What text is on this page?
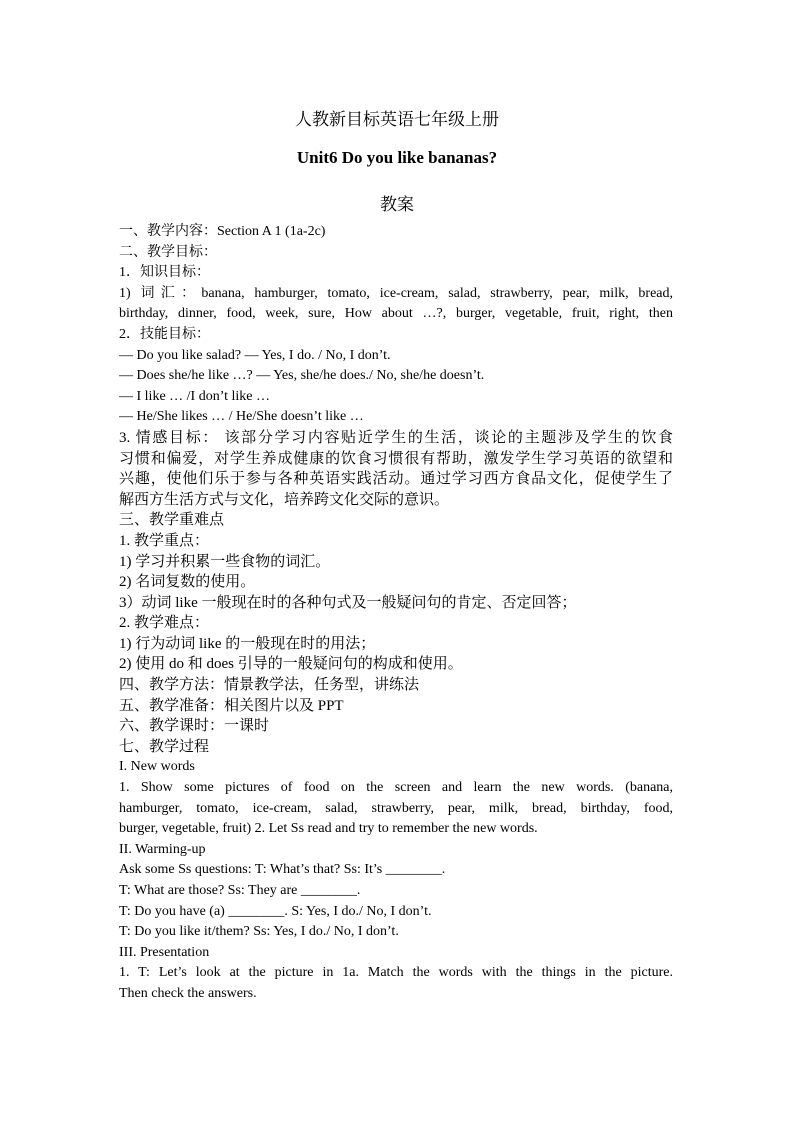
人教新目标英语七年级上册
Unit6 Do you like bananas?
教案
一、教学内容：Section A 1 (1a-2c)
二、教学目标：
1．知识目标：
1) 词汇：banana, hamburger, tomato, ice-cream, salad, strawberry, pear, milk, bread,
birthday, dinner, food, week, sure, How about …?, burger, vegetable, fruit, right, then
2．技能目标：
— Do you like salad? — Yes, I do. / No, I don’t.
— Does she/he like …? — Yes, she/he does./ No, she/he doesn’t.
— I like … /I don’t like …
— He/She likes … / He/She doesn’t like …
3. 情感目标： 该部分学习内容贴近学生的生活，谈论的主题涉及学生的饮食
习惯和偏爱，对学生养成健康的饮食习惯很有帮助，激发学生学习英语的欲望和
兴趣，使他们乐于参与各种英语实践活动。通过学习西方食品文化，促使学生了
解西方生活方式与文化，培养跨文化交际的意识。
三、教学重难点
1. 教学重点：
1) 学习并积累一些食物的词汇。
2) 名词复数的使用。
3）动词 like 一般现在时的各种句式及一般疑问句的肯定、否定回答；
2. 教学难点：
1) 行为动词 like 的一般现在时的用法；
2) 使用 do 和 does 引导的一般疑问句的构成和使用。
四、教学方法：情景教学法，任务型，讲练法
五、教学准备：相关图片以及 PPT
六、教学课时：一课时
七、教学过程
I. New words
1. Show some pictures of food on the screen and learn the new words. (banana,
hamburger, tomato, ice-cream, salad, strawberry, pear, milk, bread, birthday, food,
burger, vegetable, fruit) 2. Let Ss read and try to remember the new words.
II. Warming-up
Ask some Ss questions: T: What’s that? Ss: It’s ________.
T: What are those? Ss: They are ________.
T: Do you have (a) ________. S: Yes, I do./ No, I don’t.
T: Do you like it/them? Ss: Yes, I do./ No, I don’t.
III. Presentation
1. T: Let’s look at the picture in 1a. Match the words with the things in the picture.
Then check the answers.
